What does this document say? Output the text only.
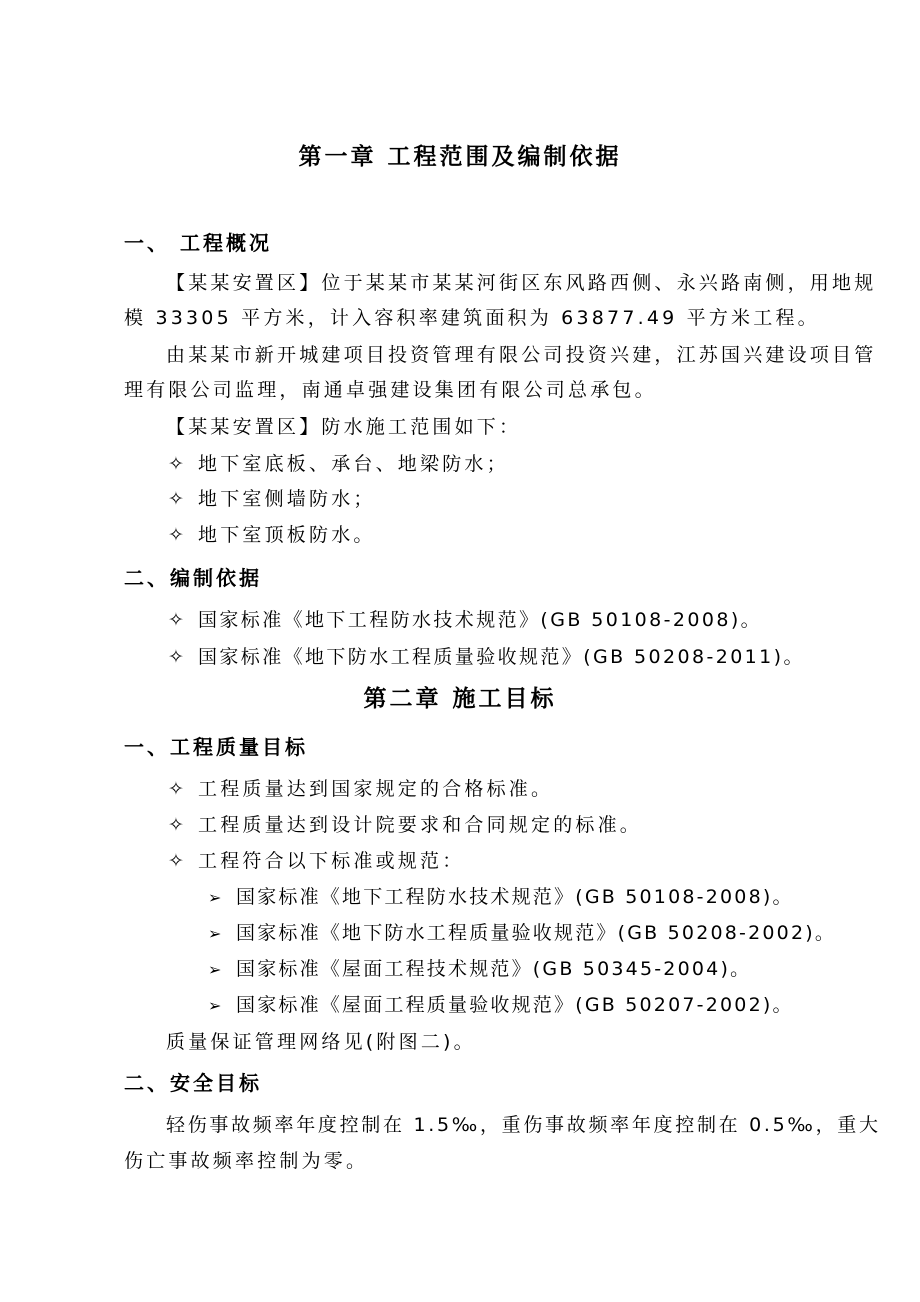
第一章 工程范围及编制依据
一、 工程概况
【某某安置区】位于某某市某某河街区东风路西侧、永兴路南侧，用地规
模 33305 平方米，计入容积率建筑面积为 63877.49 平方米工程。
由某某市新开城建项目投资管理有限公司投资兴建，江苏国兴建设项目管
理有限公司监理，南通卓强建设集团有限公司总承包。
【某某安置区】防水施工范围如下：
✧ 地下室底板、承台、地梁防水；
✧ 地下室侧墙防水；
✧ 地下室顶板防水。
二、编制依据
✧ 国家标准《地下工程防水技术规范》(GB 50108-2008)。
✧ 国家标准《地下防水工程质量验收规范》(GB 50208-2011)。
第二章 施工目标
一、工程质量目标
✧ 工程质量达到国家规定的合格标准。
✧ 工程质量达到设计院要求和合同规定的标准。
✧ 工程符合以下标准或规范：
➢ 国家标准《地下工程防水技术规范》(GB 50108-2008)。
➢ 国家标准《地下防水工程质量验收规范》(GB 50208-2002)。
➢ 国家标准《屋面工程技术规范》(GB 50345-2004)。
➢ 国家标准《屋面工程质量验收规范》(GB 50207-2002)。
质量保证管理网络见(附图二)。
二、安全目标
轻伤事故频率年度控制在 1.5‰，重伤事故频率年度控制在 0.5‰，重大
伤亡事故频率控制为零。
